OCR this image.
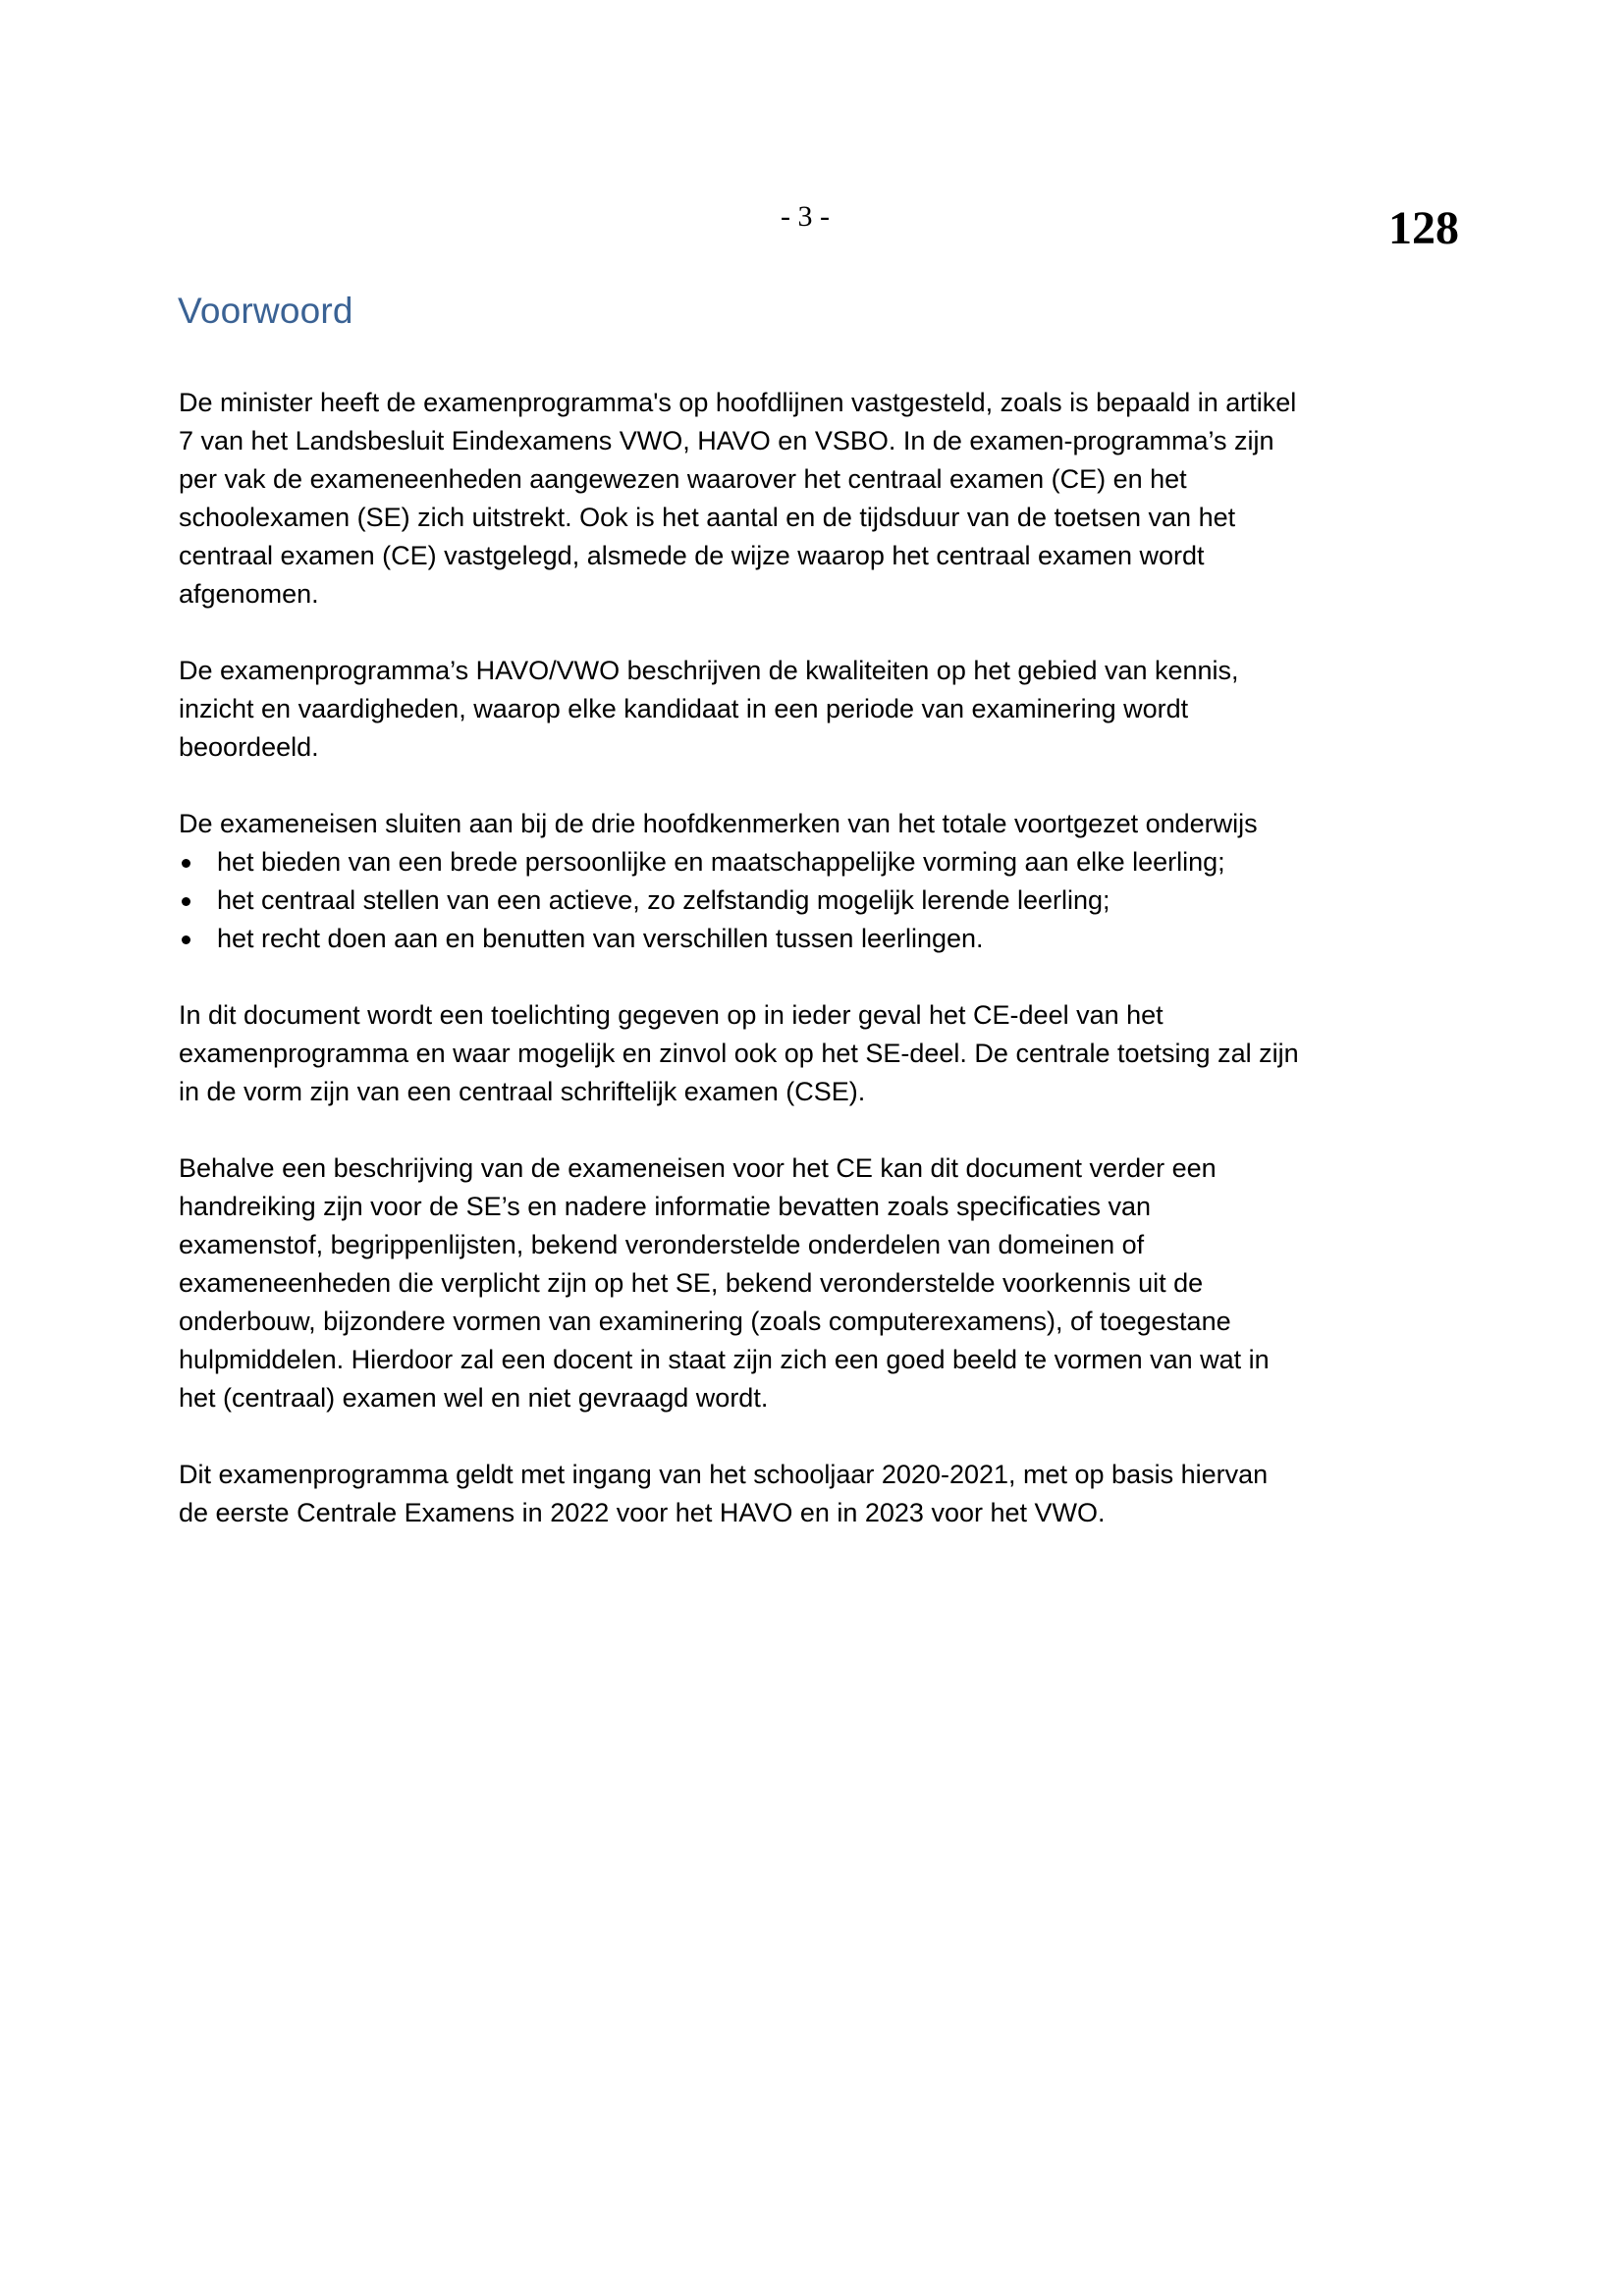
- 3 -	128
Voorwoord

De minister heeft de examenprogramma's op hoofdlijnen vastgesteld, zoals is bepaald in artikel
7 van het Landsbesluit Eindexamens VWO, HAVO en VSBO. In de examen-programma’s zijn
per vak de exameneenheden aangewezen waarover het centraal examen (CE) en het
schoolexamen (SE) zich uitstrekt. Ook is het aantal en de tijdsduur van de toetsen van het
centraal examen (CE) vastgelegd, alsmede de wijze waarop het centraal examen wordt
afgenomen.

De examenprogramma’s HAVO/VWO beschrijven de kwaliteiten op het gebied van kennis,
inzicht en vaardigheden, waarop elke kandidaat in een periode van examinering wordt
beoordeeld.

De exameneisen sluiten aan bij de drie hoofdkenmerken van het totale voortgezet onderwijs
het bieden van een brede persoonlijke en maatschappelijke vorming aan elke leerling;
het centraal stellen van een actieve, zo zelfstandig mogelijk lerende leerling;
het recht doen aan en benutten van verschillen tussen leerlingen.

In dit document wordt een toelichting gegeven op in ieder geval het CE-deel van het
examenprogramma en waar mogelijk en zinvol ook op het SE-deel. De centrale toetsing zal zijn
in de vorm zijn van een centraal schriftelijk examen (CSE).

Behalve een beschrijving van de exameneisen voor het CE kan dit document verder een
handreiking zijn voor de SE’s en nadere informatie bevatten zoals specificaties van
examenstof, begrippenlijsten, bekend veronderstelde onderdelen van domeinen of
exameneenheden die verplicht zijn op het SE, bekend veronderstelde voorkennis uit de
onderbouw, bijzondere vormen van examinering (zoals computerexamens), of toegestane
hulpmiddelen. Hierdoor zal een docent in staat zijn zich een goed beeld te vormen van wat in
het (centraal) examen wel en niet gevraagd wordt.

Dit examenprogramma geldt met ingang van het schooljaar 2020-2021, met op basis hiervan
de eerste Centrale Examens in 2022 voor het HAVO en in 2023 voor het VWO.
